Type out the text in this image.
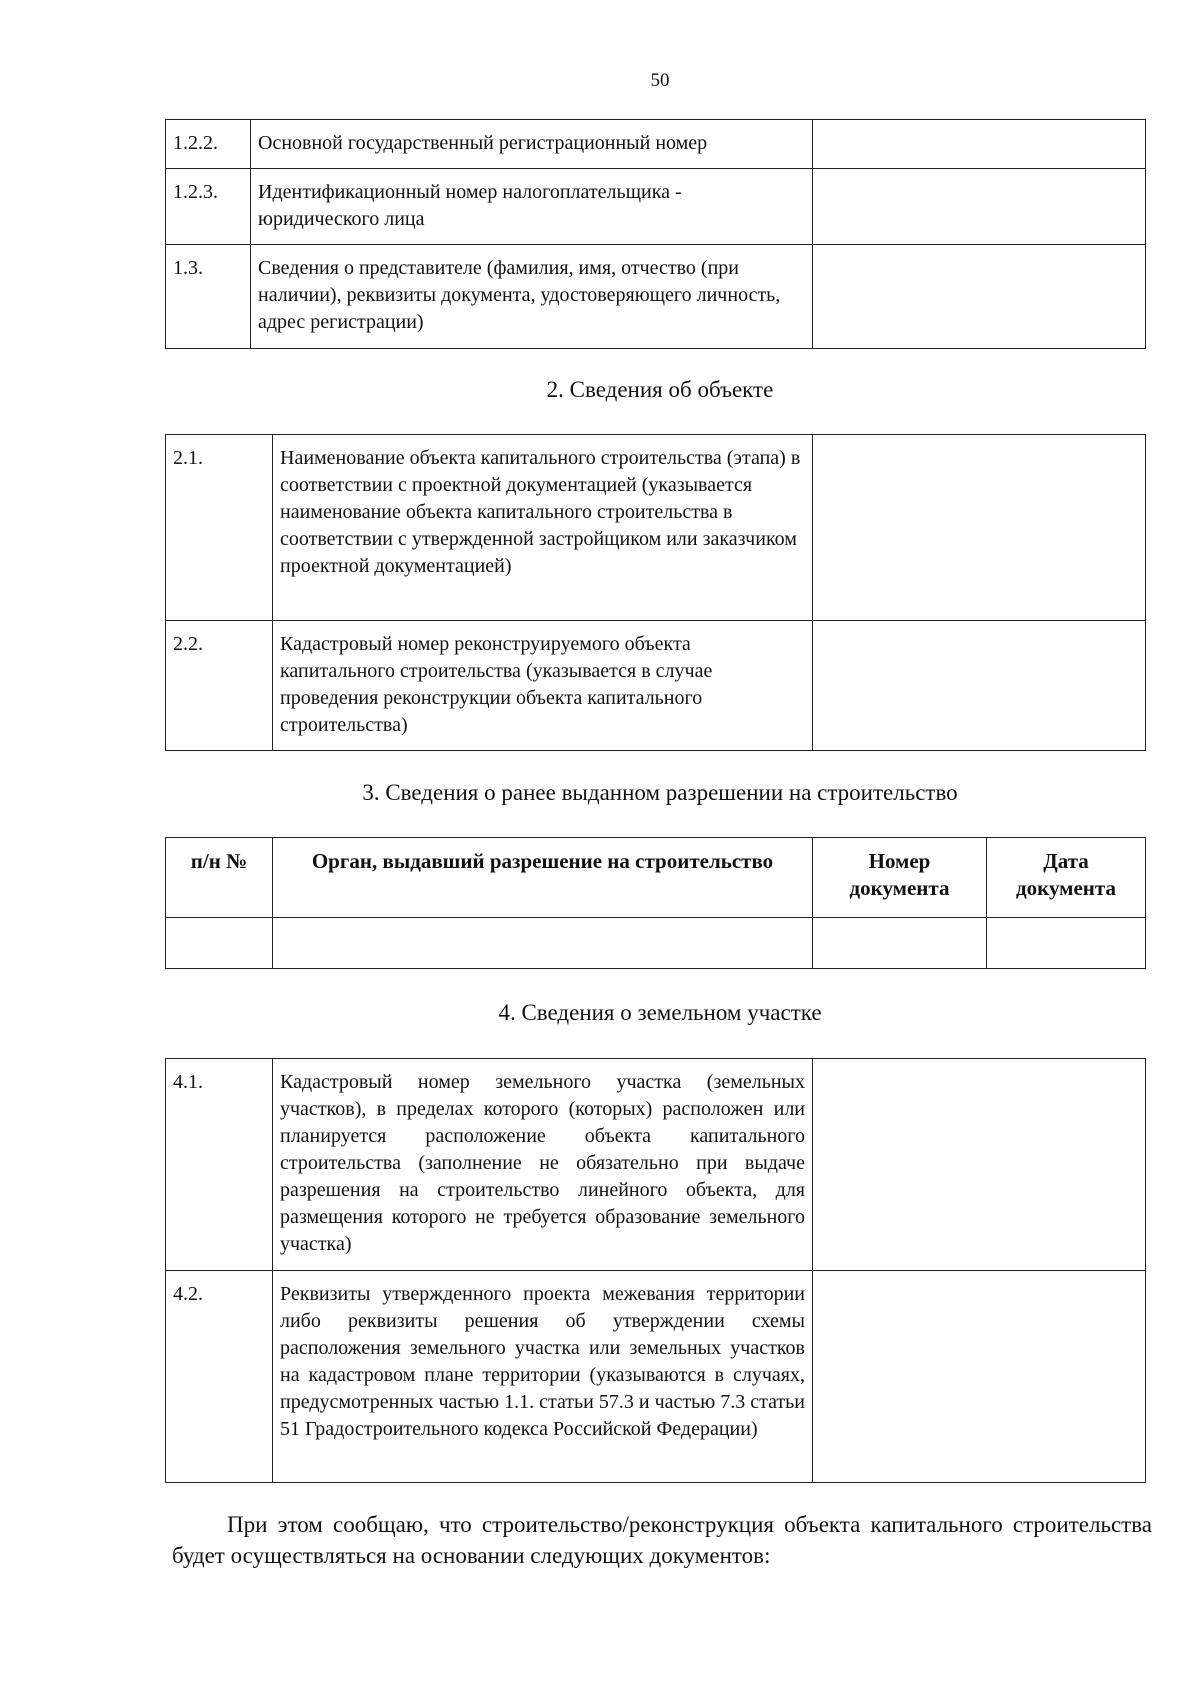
50
1.2.2.	Основной государственный регистрационный номер	
1.2.3.	Идентификационный номер налогоплательщика - юридического лица	
1.3.	Сведения о представителе (фамилия, имя, отчество (при наличии), реквизиты документа, удостоверяющего личность, адрес регистрации)	
2. Сведения об объекте
2.1.	Наименование объекта капитального строительства (этапа) в соответствии с проектной документацией (указывается наименование объекта капитального строительства в соответствии с утвержденной застройщиком или заказчиком проектной документацией)	
2.2.	Кадастровый номер реконструируемого объекта капитального строительства (указывается в случае проведения реконструкции объекта капитального строительства)	
3. Сведения о ранее выданном разрешении на строительство
п/н №	Орган, выдавший разрешение на строительство	Номер документа	Дата документа

4. Сведения о земельном участке
4.1.	Кадастровый номер земельного участка (земельных участков), в пределах которого (которых) расположен или планируется расположение объекта капитального строительства (заполнение не обязательно при выдаче разрешения на строительство линейного объекта, для размещения которого не требуется образование земельного участка)	
4.2.	Реквизиты утвержденного проекта межевания территории либо реквизиты решения об утверждении схемы расположения земельного участка или земельных участков на кадастровом плане территории (указываются в случаях, предусмотренных частью 1.1. статьи 57.3 и частью 7.3 статьи 51 Градостроительного кодекса Российской Федерации)	
При этом сообщаю, что строительство/реконструкция объекта капитального строительства будет осуществляться на основании следующих документов:
